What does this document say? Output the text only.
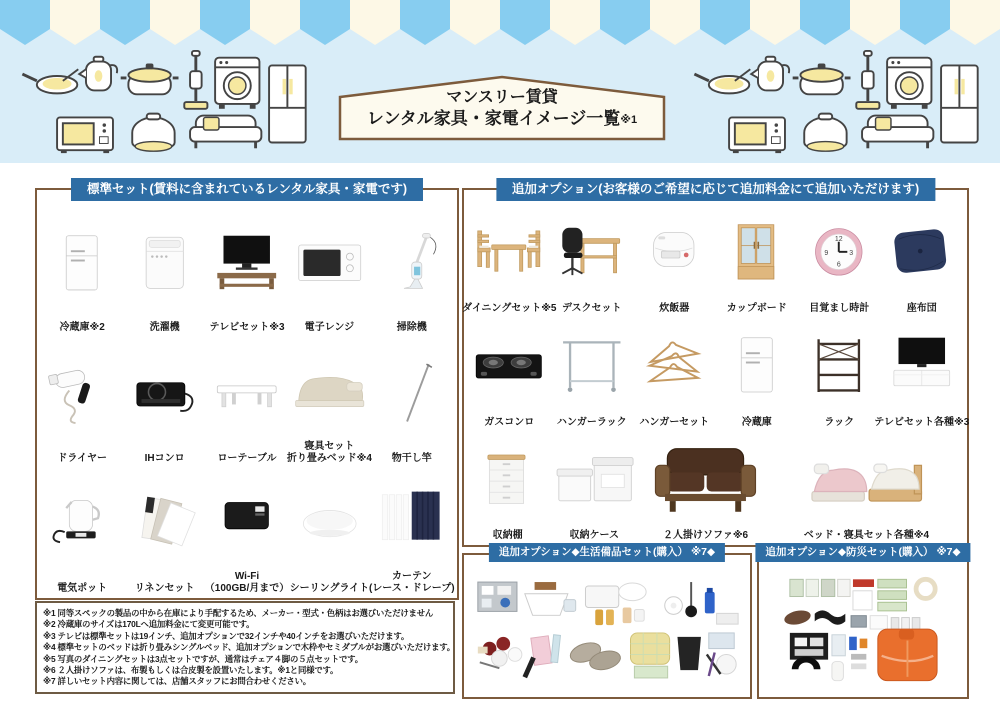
マンスリー賃貸
レンタル家具・家電イメージ一覧※1
標準セット(賃料に含まれているレンタル家具・家電です)
冷蔵庫※2	洗濯機	テレビセット※3 電子レンジ	掃除機
ドライヤー	IHコンロ	ローテーブル
寝具セット
折り畳みベッド※4 物干し竿
電気ポット	リネンセット
Wi-Fi
（100GB/月まで） シーリングライト
カーテン
(レース・ドレープ)
追加オプション(お客様のご希望に応じて追加料金にて追加いただけます)
ダイニングセット※5 デスクセット	炊飯器	カップボード
12
3
6
9
目覚まし時計	座布団
ガスコンロ ハンガーラック ハンガーセット	冷蔵庫	ラック テレビセット各種※3
収納棚	収納ケース	２人掛けソファ※6	ベッド・寝具セット各種※4
追加オプション◆生活備品セット(購入） ※7◆	追加オプション◆防災セット(購入） ※7◆
※1 同等スペックの製品の中から在庫により手配するため、メーカー・型式・色柄はお選びいただけません
※2 冷蔵庫のサイズは170Lへ追加料金にて変更可能です。
※3 テレビは標準セットは19インチ、追加オプションで32インチや40インチをお選びいただけます。
※4 標準セットのベッドは折り畳みシングルベッド、追加オプションで木枠やセミダブルがお選びいただけます。
※5 写真のダイニングセットは3点セットですが、通常はチェア４脚の５点セットです。
※6 ２人掛けソファは、布製もしくは合皮製を設置いたします。※1と同様です。
※7 詳しいセット内容に関しては、店舗スタッフにお問合わせください。
